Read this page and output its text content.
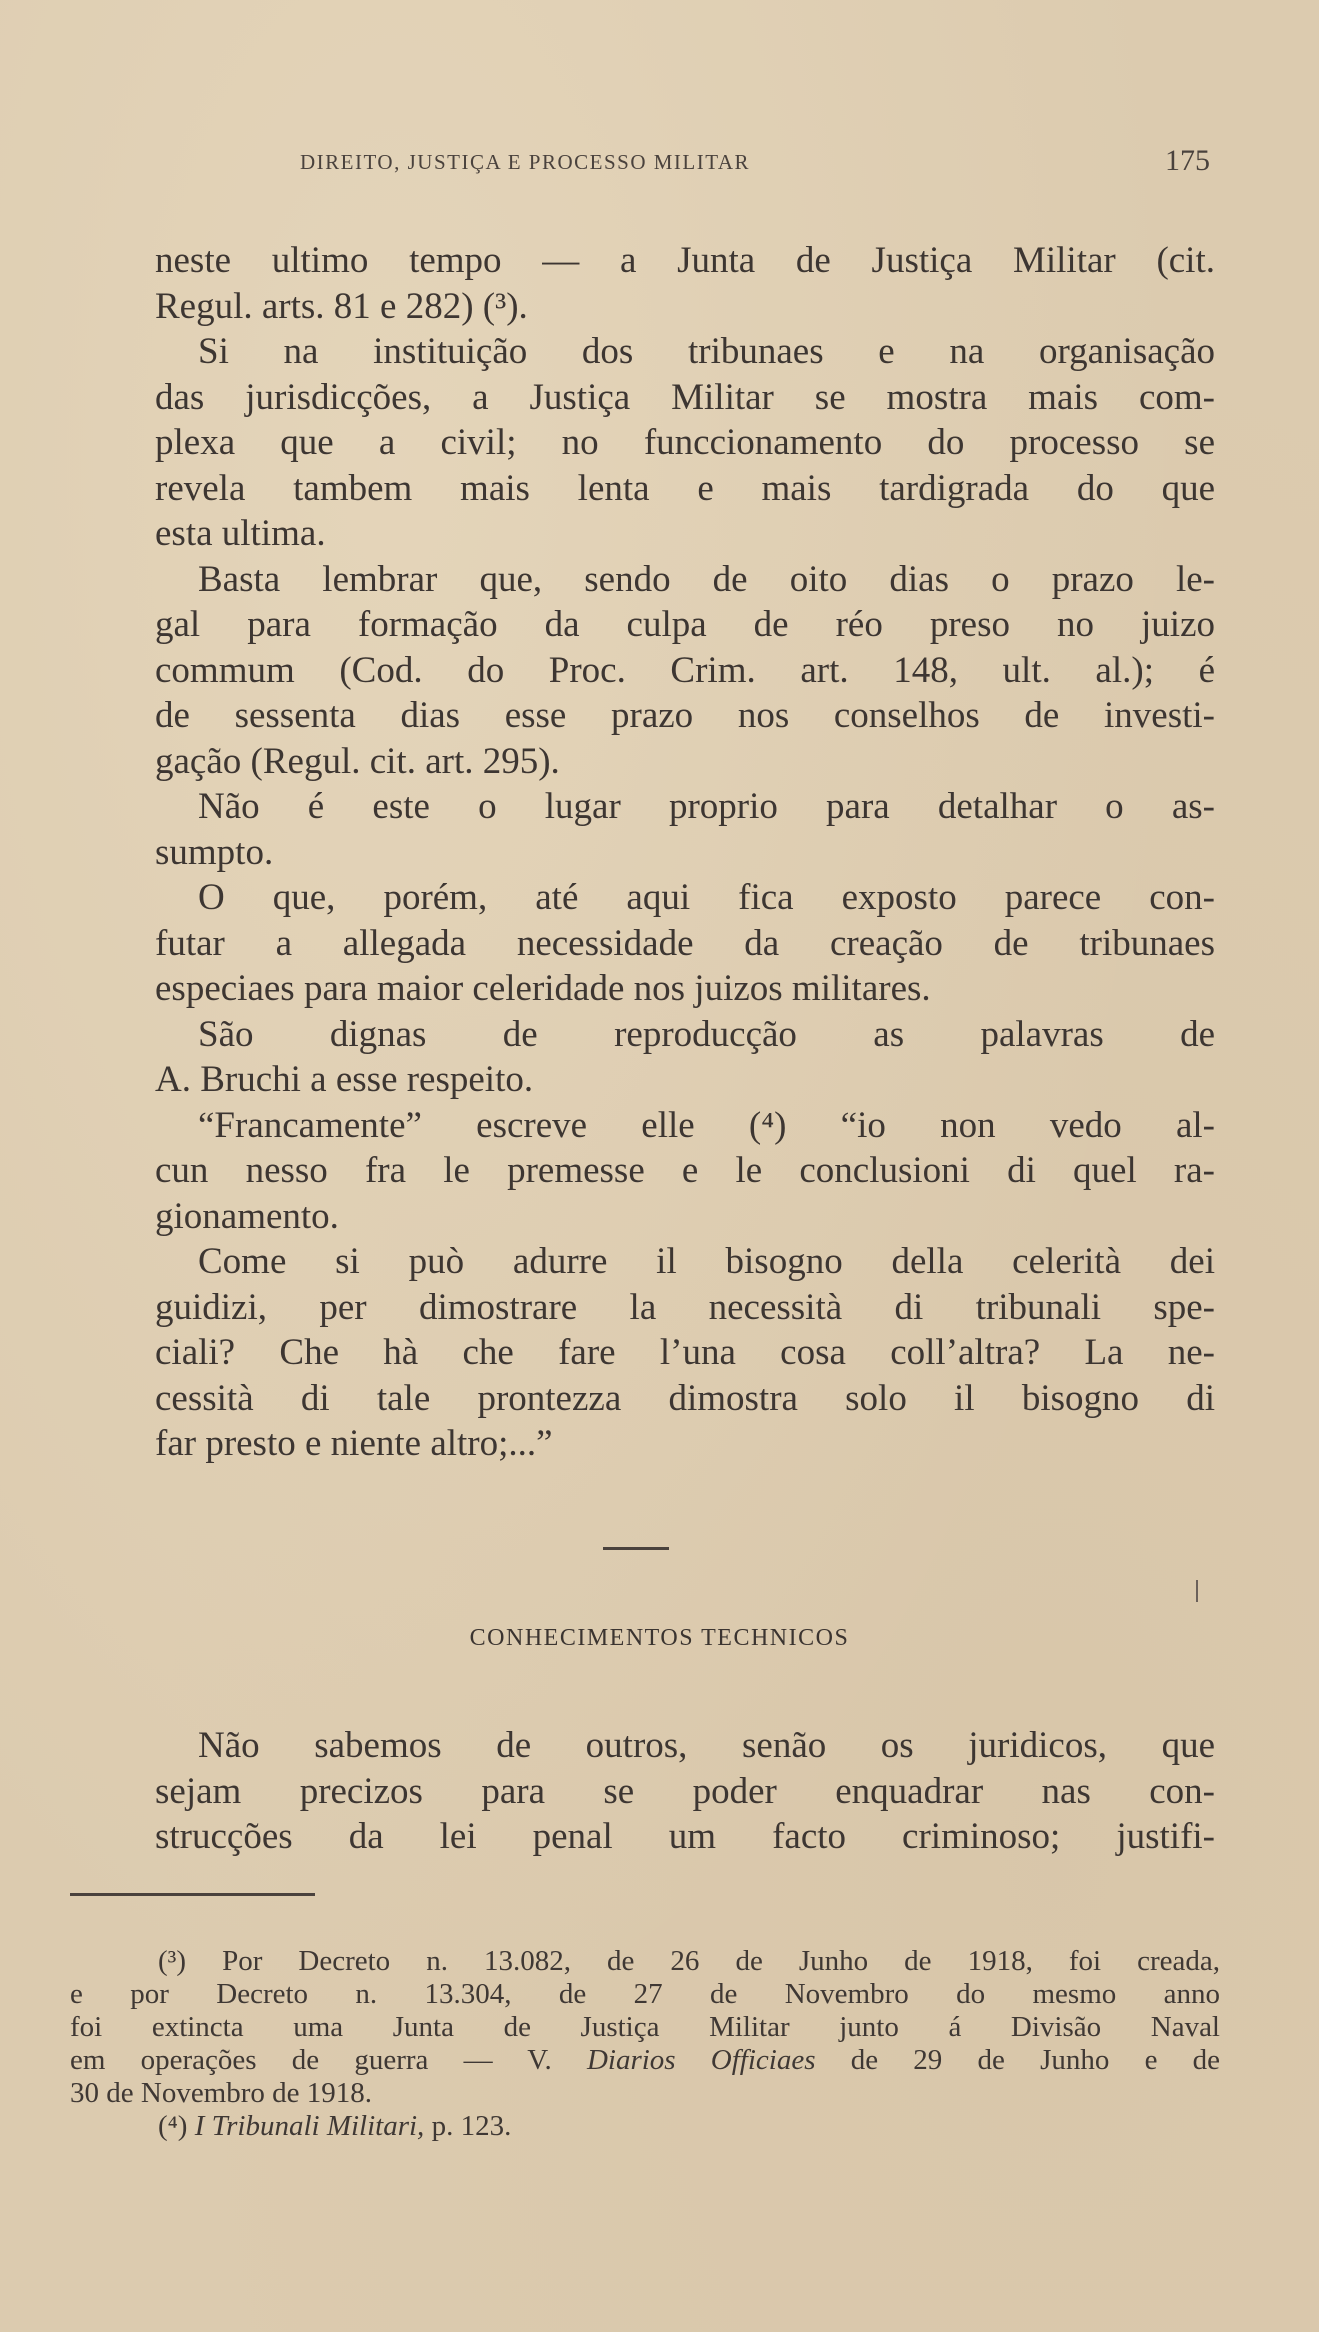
DIREITO, JUSTIÇA E PROCESSO MILITAR	175
neste ultimo tempo — a Junta de Justiça Militar (cit.
Regul. arts. 81 e 282) (³).
Si na instituição dos tribunaes e na organisação
das jurisdicções, a Justiça Militar se mostra mais com-
plexa que a civil; no funccionamento do processo se
revela tambem mais lenta e mais tardigrada do que
esta ultima.
Basta lembrar que, sendo de oito dias o prazo le-
gal para formação da culpa de réo preso no juizo
commum (Cod. do Proc. Crim. art. 148, ult. al.); é
de sessenta dias esse prazo nos conselhos de investi-
gação (Regul. cit. art. 295).
Não é este o lugar proprio para detalhar o as-
sumpto.
O que, porém, até aqui fica exposto parece con-
futar a allegada necessidade da creação de tribunaes
especiaes para maior celeridade nos juizos militares.
São dignas de reproducção as palavras de
A. Bruchi a esse respeito.
“Francamente” escreve elle (⁴) “io non vedo al-
cun nesso fra le premesse e le conclusioni di quel ra-
gionamento.
Come si può adurre il bisogno della celerità dei
guidizi, per dimostrare la necessità di tribunali spe-
ciali? Che hà che fare l’una cosa coll’altra? La ne-
cessità di tale prontezza dimostra solo il bisogno di
far presto e niente altro;...”
CONHECIMENTOS TECHNICOS
Não sabemos de outros, senão os juridicos, que
sejam precizos para se poder enquadrar nas con-
strucções da lei penal um facto criminoso; justifi-
(³) Por Decreto n. 13.082, de 26 de Junho de 1918, foi creada,
e por Decreto n. 13.304, de 27 de Novembro do mesmo anno
foi extincta uma Junta de Justiça Militar junto á Divisão Naval
em operações de guerra — V. Diarios Officiaes de 29 de Junho e de
30 de Novembro de 1918.
(⁴) I Tribunali Militari, p. 123.
